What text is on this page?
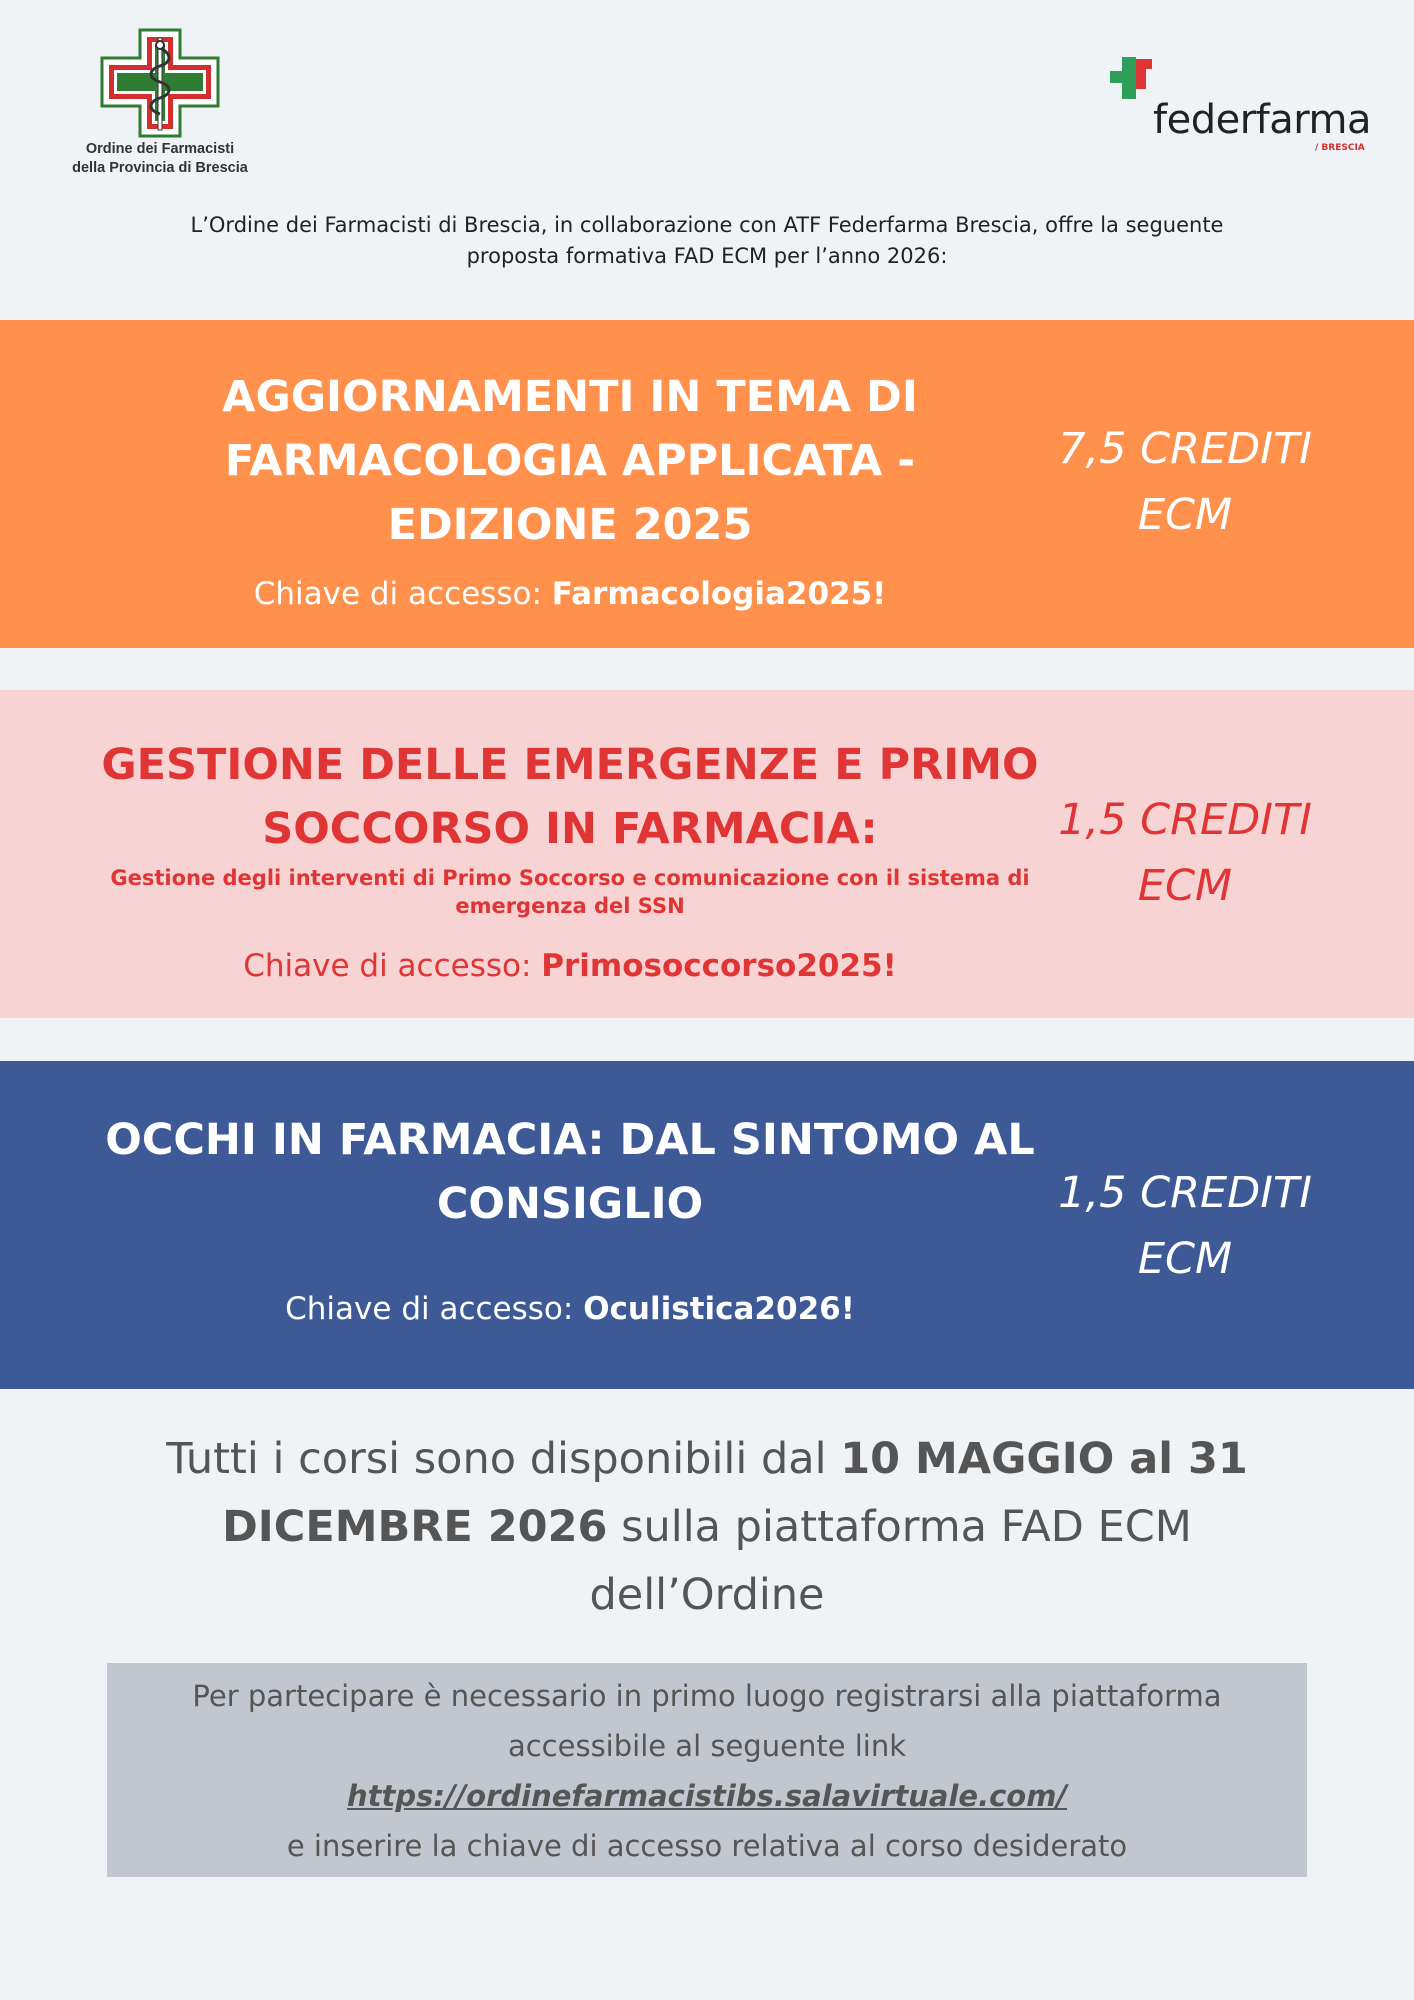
Ordine dei Farmacisti
della Provincia di Brescia
federfarma
/ BRESCIA
L’Ordine dei Farmacisti di Brescia, in collaborazione con ATF Federfarma Brescia, offre la seguente
proposta formativa FAD ECM per l’anno 2026:
AGGIORNAMENTI IN TEMA DI
FARMACOLOGIA APPLICATA -
EDIZIONE 2025
Chiave di accesso: Farmacologia2025!
7,5 CREDITI
ECM
GESTIONE DELLE EMERGENZE E PRIMO
SOCCORSO IN FARMACIA:
Gestione degli interventi di Primo Soccorso e comunicazione con il sistema di
emergenza del SSN
Chiave di accesso: Primosoccorso2025!
1,5 CREDITI
ECM
OCCHI IN FARMACIA: DAL SINTOMO AL
CONSIGLIO
Chiave di accesso: Oculistica2026!
1,5 CREDITI
ECM
Tutti i corsi sono disponibili dal 10 MAGGIO al 31
DICEMBRE 2026 sulla piattaforma FAD ECM
dell’Ordine
Per partecipare è necessario in primo luogo registrarsi alla piattaforma
accessibile al seguente link
https://ordinefarmacistibs.salavirtuale.com/
e inserire la chiave di accesso relativa al corso desiderato
